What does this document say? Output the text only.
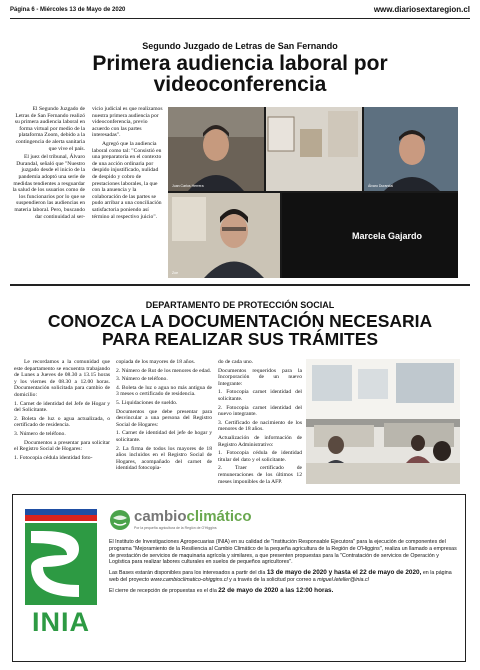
Página 6 - Miércoles 13 de Mayo de 2020	www.diariosextaregion.cl
Segundo Juzgado de Letras de San Fernando
Primera audiencia laboral por
videoconferencia

El Segundo Juzgado de Letras de San Fernando realizó su primera audiencia laboral en forma virtual por medio de la plataforma Zoom, debido a la contingencia de alerta sanitaria que vive el país.

El juez del tribunal, Álvaro Durandal, señaló que "Nuestro juzgado desde el inicio de la pandemia adoptó una serie de medidas tendientes a resguardar la salud de los usuarios como de los funcionarios por lo que se suspendieron las audiencias en materia laboral. Pero, buscando dar continuidad al ser-

vicio judicial es que realizamos nuestra primera audiencia por videoconferencia, previo acuerdo con las partes interesadas".

Agregó que la audiencia laboral como tal: "Consistió en una preparatoria en el contexto de una acción ordinaria por despido injustificado, nulidad de despido y cobro de prestaciones laborales, la que con la anuencia y la colaboración de las partes se pudo arribar a una conciliación satisfactoria poniendo así término al respectivo juicio".

Juan Carlos Herrera	Álvaro Durandal
Zoe
Marcela Gajardo
DEPARTAMENTO DE PROTECCIÓN SOCIAL
CONOZCA LA DOCUMENTACIÓN NECESARIA
PARA REALIZAR SUS TRÁMITES

Le recordamos a la comunidad que este departamento se encuentra trabajando de Lunes a Jueves de 08.30 a 13.15 horas y los viernes de 08.30 a 12.00 horas. Documentación solicitada para cambio de domicilio:

1. Carnet de identidad del Jefe de Hogar y del Solicitante.

2. Boleta de luz o agua actualizada, o certificado de residencia.

3. Número de teléfono.

Documentos a presentar para solicitar el Registro Social de Hogares:

1. Fotocopia cédula identidad foto-

copiada de los mayores de 18 años.

2. Número de Rut de los menores de edad.

3. Número de teléfono.

4. Boleta de luz o agua no más antigua de 3 meses o certificado de residencia.

5. Liquidaciones de sueldo.

Documentos que debe presentar para desvincular a una persona del Registro Social de Hogares:

1. Carnet de identidad del jefe de hogar y solicitante.

2. La firma de todos los mayores de 18 años incluidos en el Registro Social de Hogares, acompañado del carnet de identidad fotocopia-

do de cada uno.

Documentos requeridos para la Incorporación de un nuevo Integrante:

1. Fotocopia carnet identidad del solicitante.

2. Fotocopia carnet identidad del nuevo integrante.

3. Certificado de nacimiento de los menores de 18 años.

Actualización de información de Registro Administrativo:

1. Fotocopia cédula de identidad titular del dato y el solicitante.

2. Traer certificado de remuneraciones de los últimos 12 meses imponibles de la AFP.

INIA
cambioclimático
Por la pequeña agricultura de la Región de O'Higgins

El Instituto de Investigaciones Agropecuarias (INIA) en su calidad de "Institución Responsable Ejecutora" para la ejecución de componentes del programa "Mejoramiento de la Resiliencia al Cambio Climático de la pequeña agricultura de la Región de O'Higgins", realiza un llamado a empresas de prestación de servicios de maquinaria agrícola y similares, a que presenten propuestas para la "Contratación de servicios de Operación y Logística para realizar labores culturales en suelos de pequeños agricultores".

Las Bases estarán disponibles para los interesados a partir del día 13 de mayo de 2020 y hasta el 22 de mayo de 2020, en la página web del proyecto www.cambioclimatico-ohiggins.cl y a través de la solicitud por correo a miguel.leteller@inia.cl

El cierre de recepción de propuestas es el día 22 de mayo de 2020 a las 12:00 horas.
